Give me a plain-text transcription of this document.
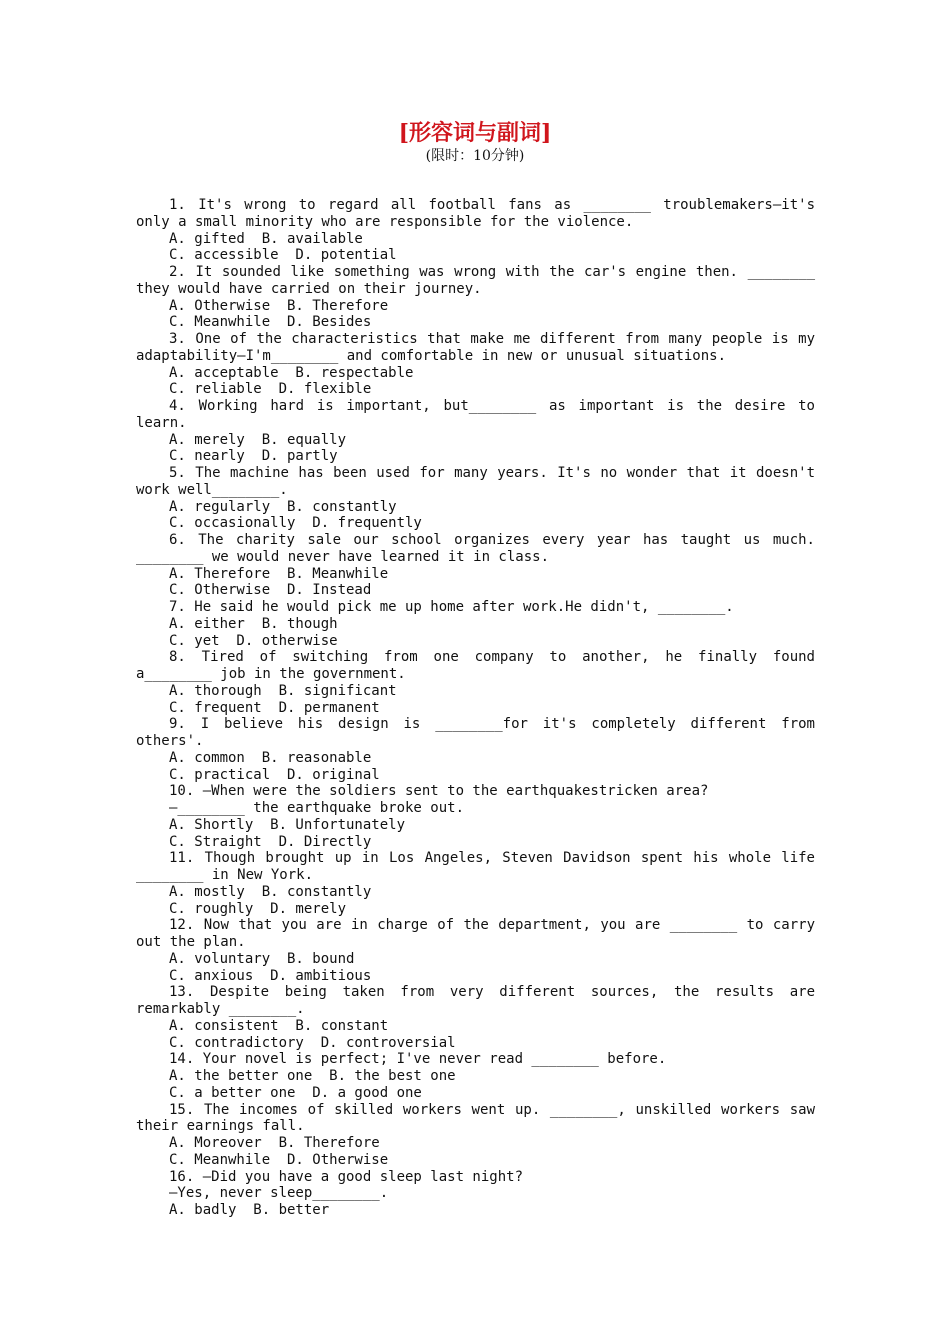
[形容词与副词]
(限时：10分钟)

1. It's wrong to regard all football fans as ________ troublemakers—it's only a small minority who are responsible for the violence.

A. gifted  B. available

C. accessible  D. potential

2. It sounded like something was wrong with the car's engine then. ________ they would have carried on their journey.

A. Otherwise  B. Therefore

C. Meanwhile  D. Besides

3. One of the characteristics that make me different from many people is my adaptability—I'm________ and comfortable in new or unusual situations.

A. acceptable  B. respectable

C. reliable  D. flexible

4. Working hard is important, but________ as important is the desire to learn.

A. merely  B. equally

C. nearly  D. partly

5. The machine has been used for many years. It's no wonder that it doesn't work well________.

A. regularly  B. constantly

C. occasionally  D. frequently

6. The charity sale our school organizes every year has taught us much. ________ we would never have learned it in class.

A. Therefore  B. Meanwhile

C. Otherwise  D. Instead

7. He said he would pick me up home after work.He didn't, ________.

A. either  B. though

C. yet  D. otherwise

8. Tired of switching from one company to another, he finally found a________ job in the government.

A. thorough  B. significant

C. frequent  D. permanent

9. I believe his design is ________for it's completely different from others'.

A. common  B. reasonable

C. practical  D. original

10. —When were the soldiers sent to the earthquakestricken area?

—________ the earthquake broke out.

A. Shortly  B. Unfortunately

C. Straight  D. Directly

11. Though brought up in Los Angeles, Steven Davidson spent his whole life ________ in New York.

A. mostly  B. constantly

C. roughly  D. merely

12. Now that you are in charge of the department, you are ________ to carry out the plan.

A. voluntary  B. bound

C. anxious  D. ambitious

13. Despite being taken from very different sources, the results are remarkably ________.

A. consistent  B. constant

C. contradictory  D. controversial

14. Your novel is perfect; I've never read ________ before.

A. the better one  B. the best one

C. a better one  D. a good one

15. The incomes of skilled workers went up. ________, unskilled workers saw their earnings fall.

A. Moreover  B. Therefore

C. Meanwhile  D. Otherwise

16. —Did you have a good sleep last night?

—Yes, never sleep________.

A. badly  B. better
